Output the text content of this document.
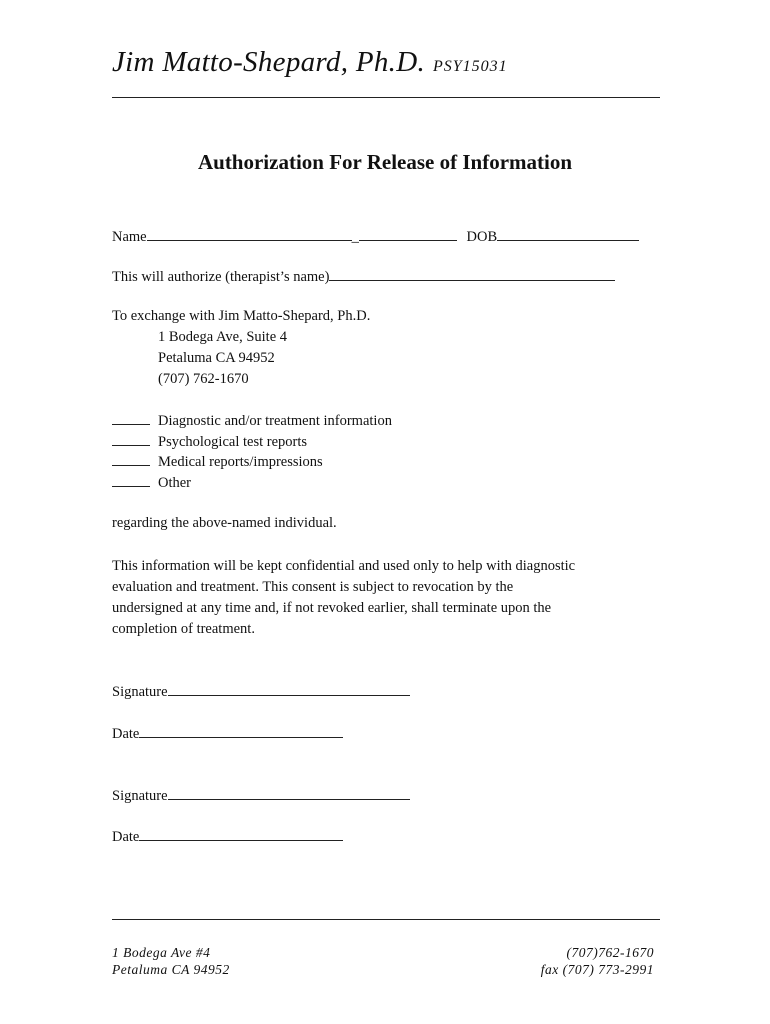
Jim Matto-Shepard, Ph.D. PSY15031
Authorization For Release of Information
Name	_	DOB
This will authorize (therapist’s name)
To exchange with Jim Matto-Shepard, Ph.D.
1 Bodega Ave, Suite 4
Petaluma CA 94952
(707) 762-1670
Diagnostic and/or treatment information
Psychological test reports
Medical reports/impressions
Other
regarding the above-named individual.
This information will be kept confidential and used only to help with diagnostic
evaluation and treatment. This consent is subject to revocation by the
undersigned at any time and, if not revoked earlier, shall terminate upon the
completion of treatment.
Signature
Date
Signature
Date
1 Bodega Ave #4
Petaluma CA 94952
(707)762-1670
fax (707) 773-2991
